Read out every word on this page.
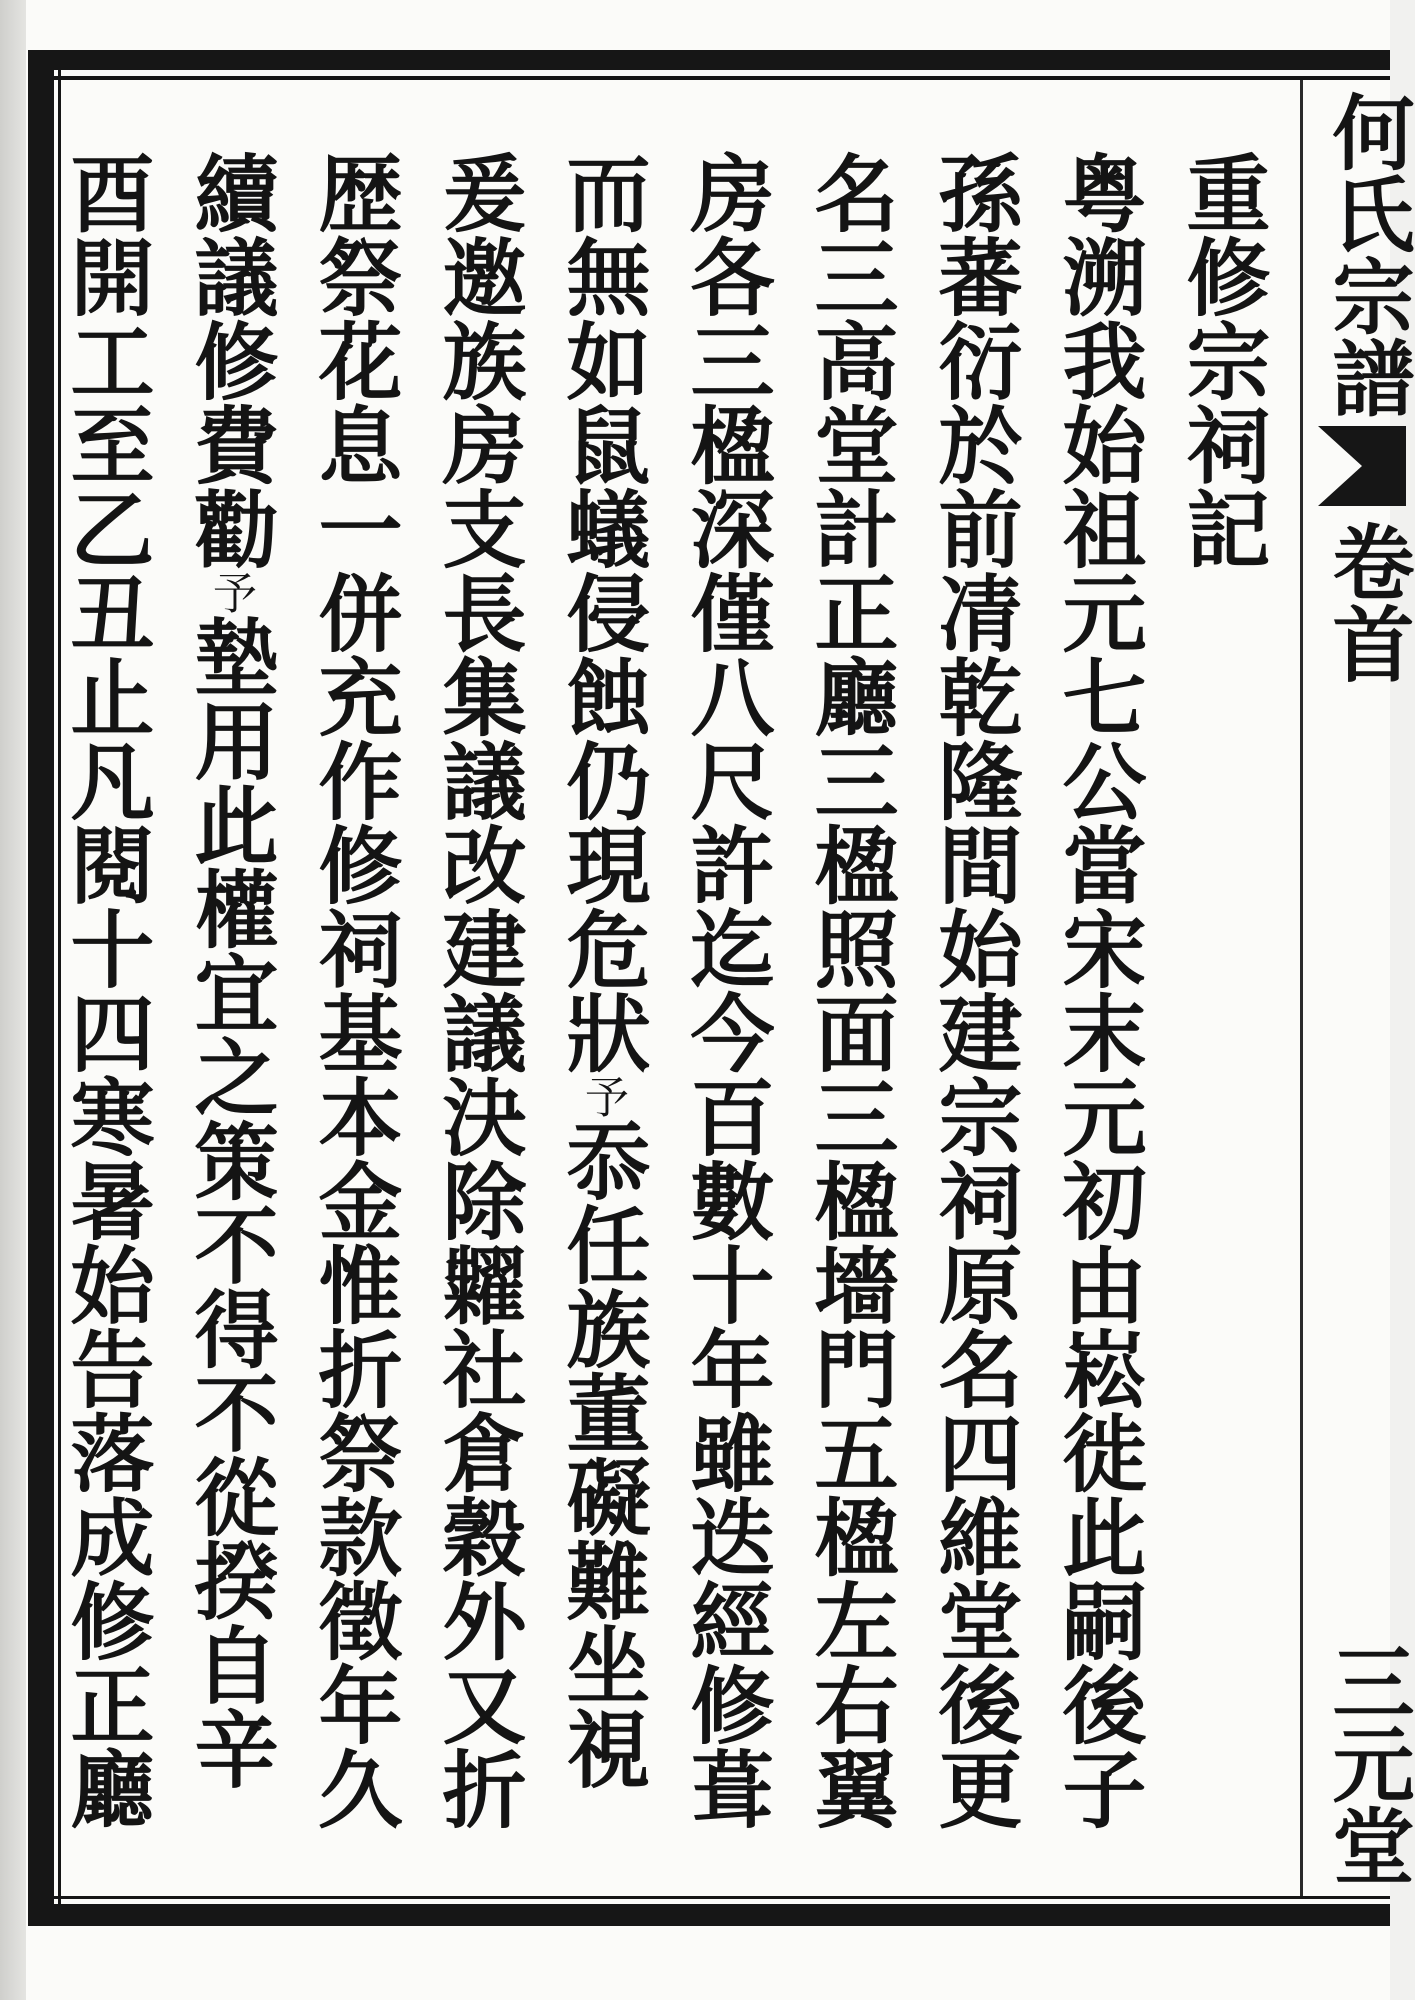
何氏宗譜
卷首
三元堂
重修宗祠記
粤溯我始祖元七公當宋末元初由崧徙此嗣後子
孫蕃衍於前凊乾隆間始建宗祠原名四維堂後更
名三高堂計正廳三楹照面三楹墻門五楹左右翼
房各三楹深僅八尺許迄今百數十年雖迭經修葺
而無如鼠蟻侵蝕仍現危狀予忝任族董礙難坐視
爰邀族房支長集議改建議決除糶社倉穀外又折
歴祭花息一併充作修祠基本金惟折祭款徵年久
續議修費勸予墊用此權宜之策不得不從揆自辛
酉開工至乙丑止凡閱十四寒暑始告落成修正廳
